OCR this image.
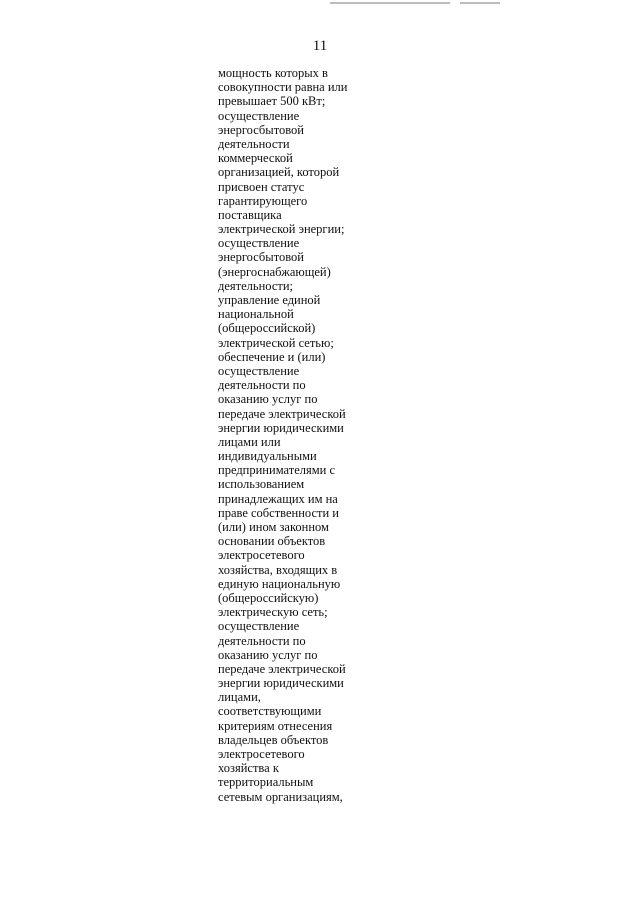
11
мощность которых в
совокупности равна или
превышает 500 кВт;
осуществление
энергосбытовой
деятельности
коммерческой
организацией, которой
присвоен статус
гарантирующего
поставщика
электрической энергии;
осуществление
энергосбытовой
(энергоснабжающей)
деятельности;
управление единой
национальной
(общероссийской)
электрической сетью;
обеспечение и (или)
осуществление
деятельности по
оказанию услуг по
передаче электрической
энергии юридическими
лицами или
индивидуальными
предпринимателями с
использованием
принадлежащих им на
праве собственности и
(или) ином законном
основании объектов
электросетевого
хозяйства, входящих в
единую национальную
(общероссийскую)
электрическую сеть;
осуществление
деятельности по
оказанию услуг по
передаче электрической
энергии юридическими
лицами,
соответствующими
критериям отнесения
владельцев объектов
электросетевого
хозяйства к
территориальным
сетевым организациям,
